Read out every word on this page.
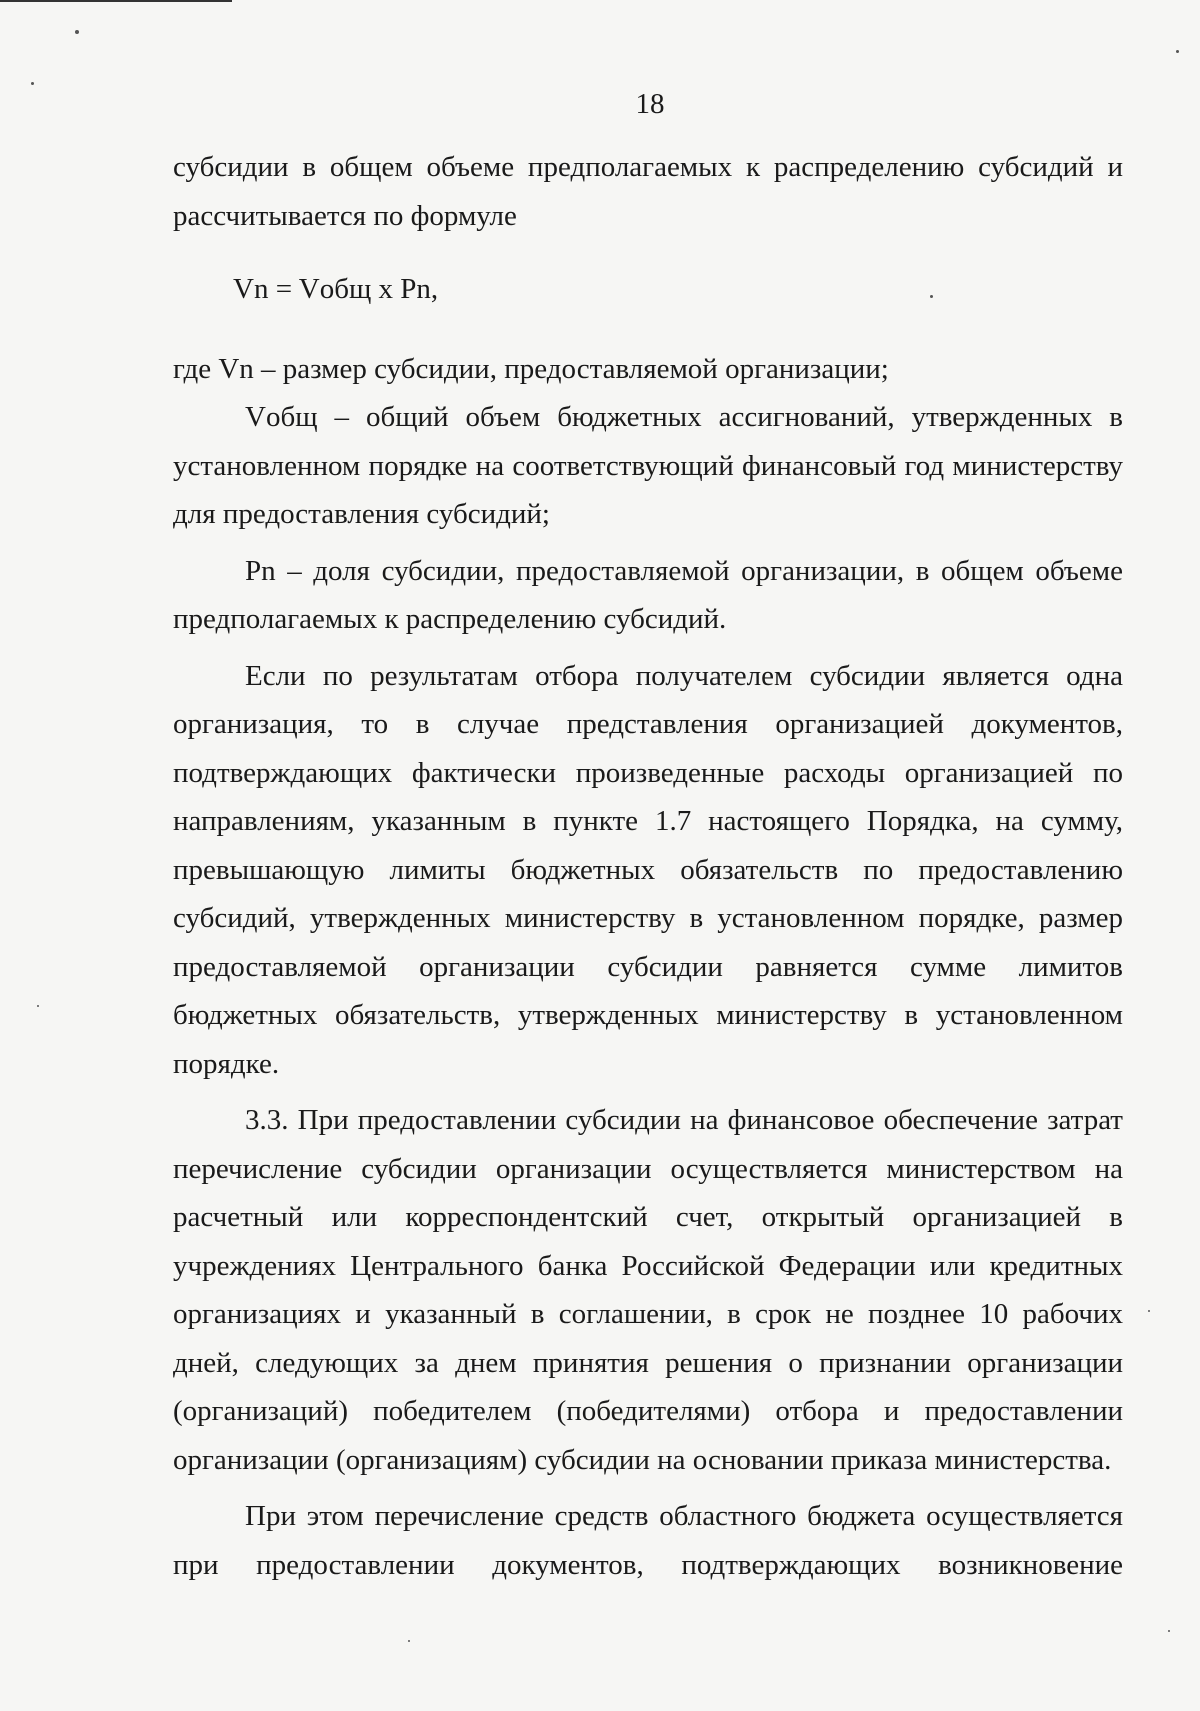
18

субсидии в общем объеме предполагаемых к распределению субсидий и рассчитывается по формуле

Vn = Vобщ x Pn,

где Vn – размер субсидии, предоставляемой организации;

Vобщ – общий объем бюджетных ассигнований, утвержденных в установленном порядке на соответствующий финансовый год министерству для предоставления субсидий;

Pn – доля субсидии, предоставляемой организации, в общем объеме предполагаемых к распределению субсидий.

Если по результатам отбора получателем субсидии является одна организация, то в случае представления организацией документов, подтверждающих фактически произведенные расходы организацией по направлениям, указанным в пункте 1.7 настоящего Порядка, на сумму, превышающую лимиты бюджетных обязательств по предоставлению субсидий, утвержденных министерству в установленном порядке, размер предоставляемой организации субсидии равняется сумме лимитов бюджетных обязательств, утвержденных министерству в установленном порядке.

3.3. При предоставлении субсидии на финансовое обеспечение затрат перечисление субсидии организации осуществляется министерством на расчетный или корреспондентский счет, открытый организацией в учреждениях Центрального банка Российской Федерации или кредитных организациях и указанный в соглашении, в срок не позднее 10 рабочих дней, следующих за днем принятия решения о признании организации (организаций) победителем (победителями) отбора и предоставлении организации (организациям) субсидии на основании приказа министерства.

При этом перечисление средств областного бюджета осуществляется при предоставлении документов, подтверждающих возникновение
